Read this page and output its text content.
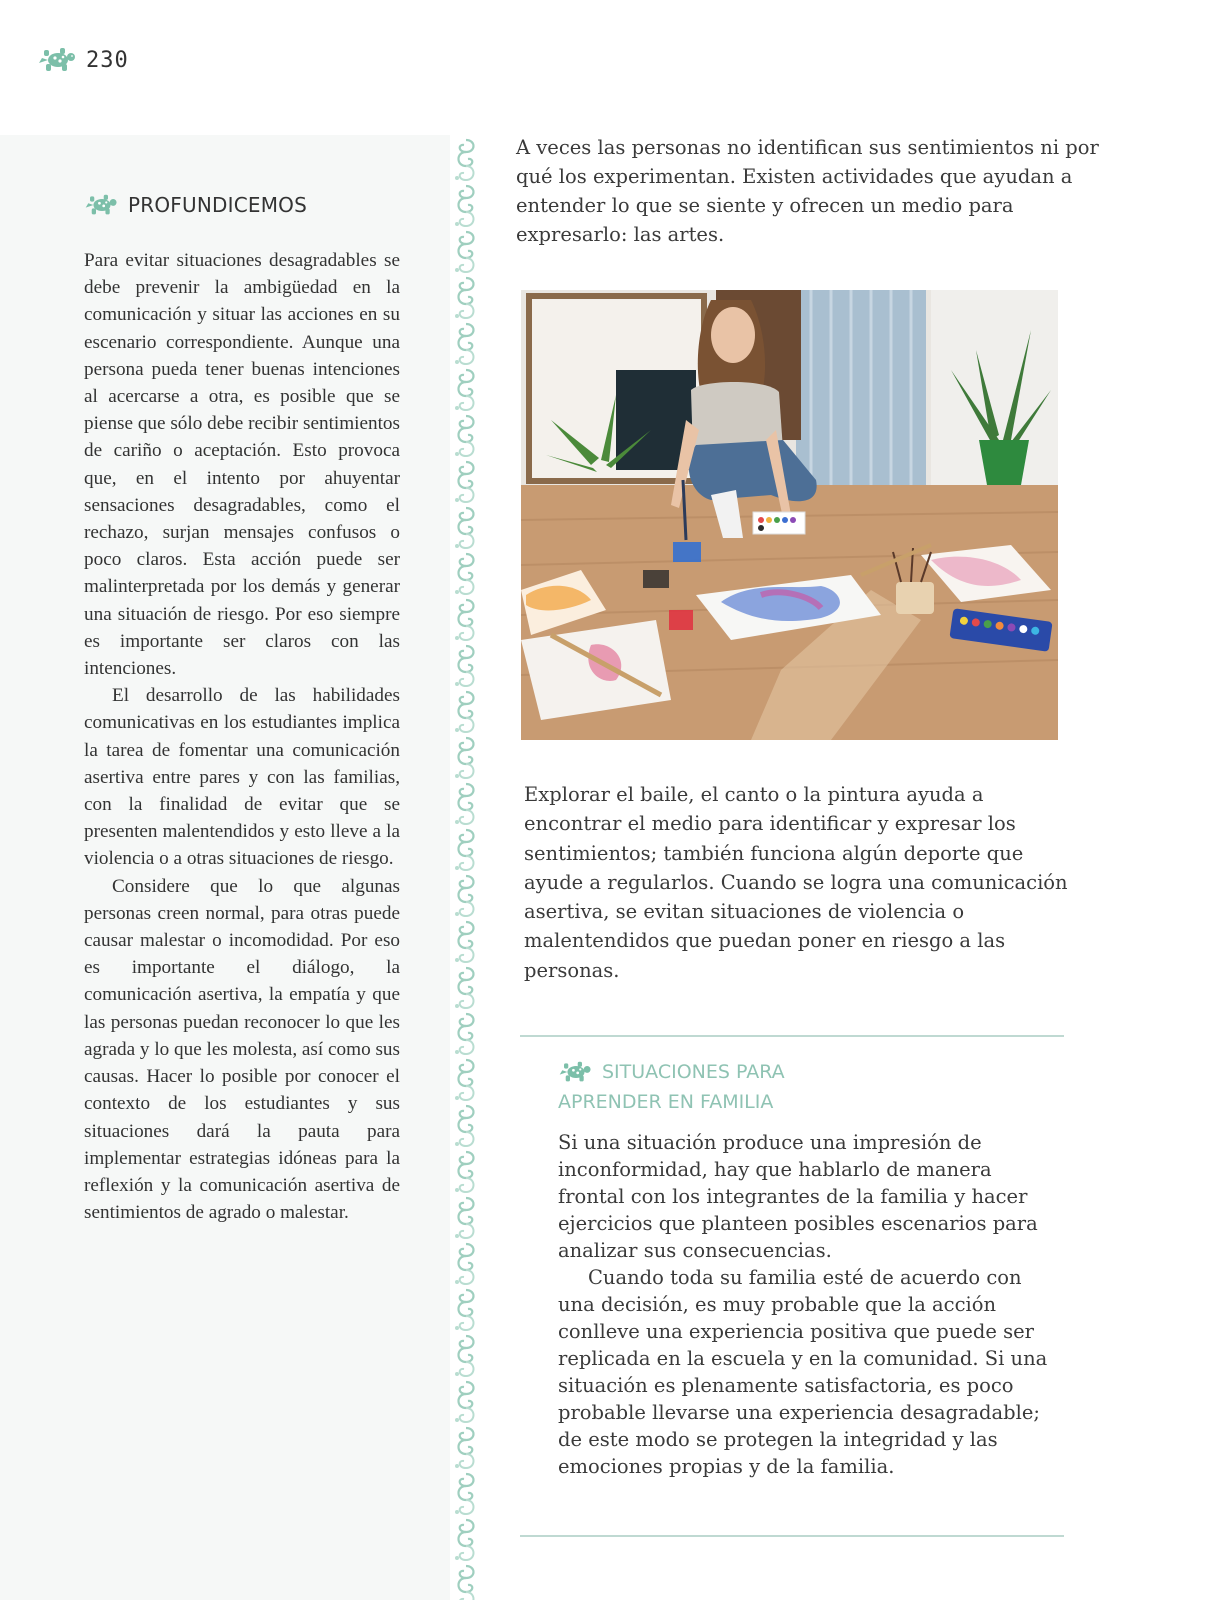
230
PROFUNDICEMOS

Para evitar situaciones desagradables se debe prevenir la ambigüedad en la comunicación y situar las acciones en su escenario correspondiente. Aunque una persona pueda tener buenas intenciones al acercarse a otra, es posible que se piense que sólo debe recibir sentimientos de cariño o aceptación. Esto provoca que, en el intento por ahuyentar sensaciones desagradables, como el rechazo, surjan mensajes confusos o poco claros. Esta acción puede ser malinterpretada por los demás y generar una situación de riesgo. Por eso siempre es importante ser claros con las intenciones.

El desarrollo de las habilidades comunicativas en los estudiantes implica la tarea de fomentar una comunicación asertiva entre pares y con las familias, con la finalidad de evitar que se presenten malentendidos y esto lleve a la violencia o a otras situaciones de riesgo.

Considere que lo que algunas personas creen normal, para otras puede causar malestar o incomodidad. Por eso es importante el diálogo, la comunicación asertiva, la empatía y que las personas puedan reconocer lo que les agrada y lo que les molesta, así como sus causas. Hacer lo posible por conocer el contexto de los estudiantes y sus situaciones dará la pauta para implementar estrategias idóneas para la reflexión y la comunicación asertiva de sentimientos de agrado o malestar.

A veces las personas no identifican sus sentimientos ni por qué los experimentan. Existen actividades que ayudan a entender lo que se siente y ofrecen un medio para expresarlo: las artes.

Explorar el baile, el canto o la pintura ayuda a encontrar el medio para identificar y expresar los sentimientos; también funciona algún deporte que ayude a regularlos. Cuando se logra una comunicación asertiva, se evitan situaciones de violencia o malentendidos que puedan poner en riesgo a las personas.

SITUACIONES PARA
APRENDER EN FAMILIA

Si una situación produce una impresión de inconformidad, hay que hablarlo de manera frontal con los integrantes de la familia y hacer ejercicios que planteen posibles escenarios para analizar sus consecuencias.

Cuando toda su familia esté de acuerdo con una decisión, es muy probable que la acción conlleve una experiencia positiva que puede ser replicada en la escuela y en la comunidad. Si una situación es plenamente satisfactoria, es poco probable llevarse una experiencia desagradable; de este modo se protegen la integridad y las emociones propias y de la familia.
